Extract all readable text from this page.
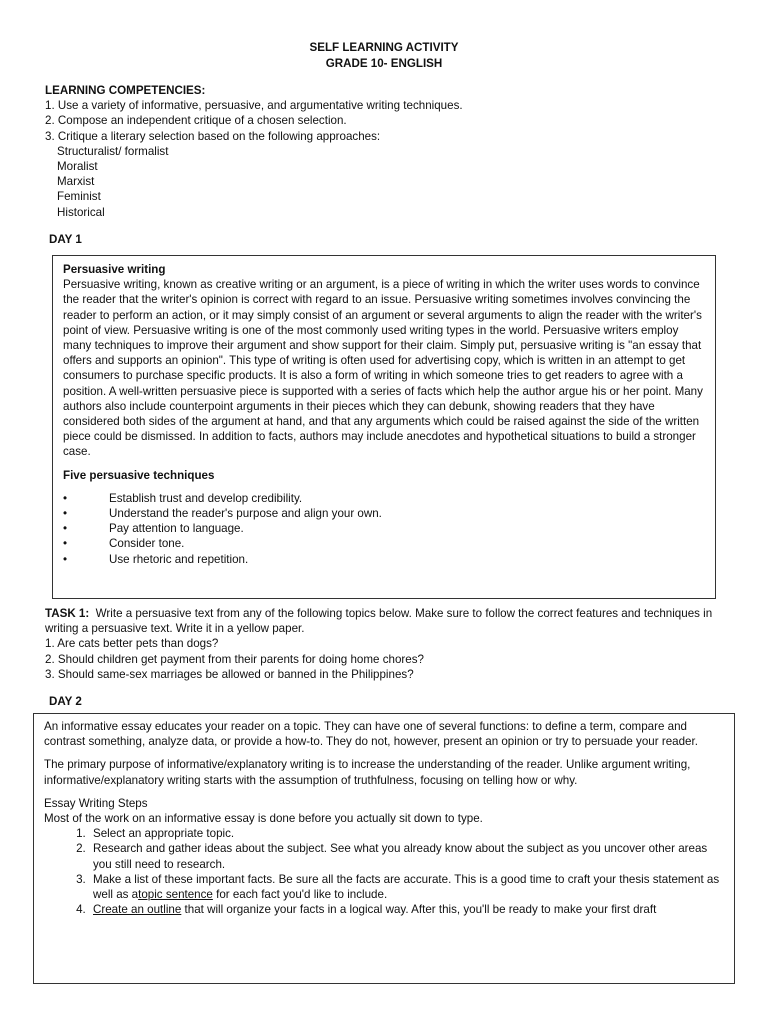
SELF LEARNING ACTIVITY
GRADE 10- ENGLISH
LEARNING COMPETENCIES:
1. Use a variety of informative, persuasive, and argumentative writing techniques.
2. Compose an independent critique of a chosen selection.
3. Critique a literary selection based on the following approaches:
Structuralist/ formalist
Moralist
Marxist
Feminist
Historical
DAY 1

Persuasive writing

Persuasive writing, known as creative writing or an argument, is a piece of writing in which the writer uses words to convince the reader that the writer's opinion is correct with regard to an issue. Persuasive writing sometimes involves convincing the reader to perform an action, or it may simply consist of an argument or several arguments to align the reader with the writer's point of view. Persuasive writing is one of the most commonly used writing types in the world. Persuasive writers employ many techniques to improve their argument and show support for their claim. Simply put, persuasive writing is "an essay that offers and supports an opinion". This type of writing is often used for advertising copy, which is written in an attempt to get consumers to purchase specific products. It is also a form of writing in which someone tries to get readers to agree with a position. A well-written persuasive piece is supported with a series of facts which help the author argue his or her point. Many authors also include counterpoint arguments in their pieces which they can debunk, showing readers that they have considered both sides of the argument at hand, and that any arguments which could be raised against the side of the written piece could be dismissed. In addition to facts, authors may include anecdotes and hypothetical situations to build a stronger case.

Five persuasive techniques

• Establish trust and develop credibility.
• Understand the reader's purpose and align your own.
• Pay attention to language.
• Consider tone.
• Use rhetoric and repetition.
TASK 1:  Write a persuasive text from any of the following topics below. Make sure to follow the correct features and techniques in writing a persuasive text. Write it in a yellow paper.
1. Are cats better pets than dogs?
2. Should children get payment from their parents for doing home chores?
3. Should same-sex marriages be allowed or banned in the Philippines?
DAY 2

An informative essay educates your reader on a topic. They can have one of several functions: to define a term, compare and contrast something, analyze data, or provide a how-to. They do not, however, present an opinion or try to persuade your reader.

The primary purpose of informative/explanatory writing is to increase the understanding of the reader. Unlike argument writing, informative/explanatory writing starts with the assumption of truthfulness, focusing on telling how or why.

Essay Writing Steps

Most of the work on an informative essay is done before you actually sit down to type.

1. Select an appropriate topic.
2. Research and gather ideas about the subject. See what you already know about the subject as you uncover other areas you still need to research.
3. Make a list of these important facts. Be sure all the facts are accurate. This is a good time to craft your thesis statement as well as atopic sentence for each fact you'd like to include.
4. Create an outline that will organize your facts in a logical way. After this, you'll be ready to make your first draft
